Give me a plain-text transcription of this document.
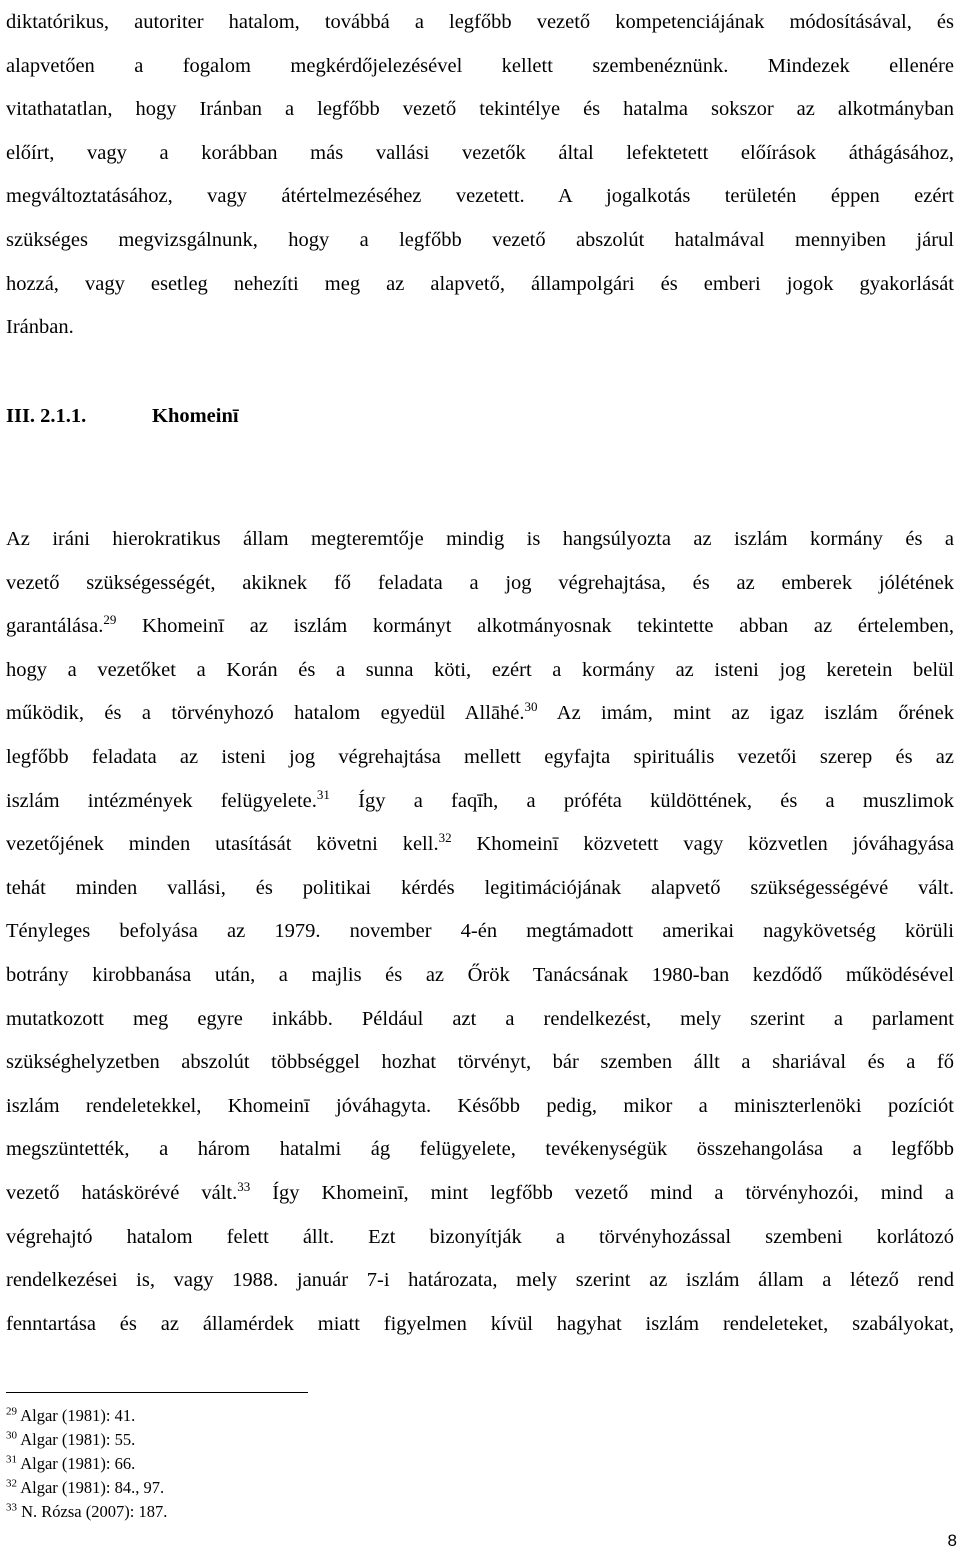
diktatórikus, autoriter hatalom, továbbá a legfőbb vezető kompetenciájának módosításával, és
alapvetően a fogalom megkérdőjelezésével kellett szembenéznünk. Mindezek ellenére
vitathatatlan, hogy Iránban a legfőbb vezető tekintélye és hatalma sokszor az alkotmányban
előírt, vagy a korábban más vallási vezetők által lefektetett előírások áthágásához,
megváltoztatásához, vagy átértelmezéséhez vezetett. A jogalkotás területén éppen ezért
szükséges megvizsgálnunk, hogy a legfőbb vezető abszolút hatalmával mennyiben járul
hozzá, vagy esetleg nehezíti meg az alapvető, állampolgári és emberi jogok gyakorlását
Iránban.

III. 2.1.1.	Khomeinī

Az iráni hierokratikus állam megteremtője mindig is hangsúlyozta az iszlám kormány és a
vezető szükségességét, akiknek fő feladata a jog végrehajtása, és az emberek jólétének
garantálása.$^{29}$ Khomeinī az iszlám kormányt alkotmányosnak tekintette abban az értelemben,
hogy a vezetőket a Korán és a sunna köti, ezért a kormány az isteni jog keretein belül
működik, és a törvényhozó hatalom egyedül Allāhé.$^{30}$ Az imám, mint az igaz iszlám őrének
legfőbb feladata az isteni jog végrehajtása mellett egyfajta spirituális vezetői szerep és az
iszlám intézmények felügyelete.$^{31}$ Így a faqīh, a próféta küldöttének, és a muszlimok
vezetőjének minden utasítását követni kell.$^{32}$ Khomeinī közvetett vagy közvetlen jóváhagyása
tehát minden vallási, és politikai kérdés legitimációjának alapvető szükségességévé vált.
Tényleges befolyása az 1979. november 4-én megtámadott amerikai nagykövetség körüli
botrány kirobbanása után, a majlis és az Őrök Tanácsának 1980-ban kezdődő működésével
mutatkozott meg egyre inkább. Például azt a rendelkezést, mely szerint a parlament
szükséghelyzetben abszolút többséggel hozhat törvényt, bár szemben állt a shariával és a fő
iszlám rendeletekkel, Khomeinī jóváhagyta. Később pedig, mikor a miniszterlenöki pozíciót
megszüntették, a három hatalmi ág felügyelete, tevékenységük összehangolása a legfőbb
vezető hatáskörévé vált.$^{33}$ Így Khomeinī, mint legfőbb vezető mind a törvényhozói, mind a
végrehajtó hatalom felett állt. Ezt bizonyítják a törvényhozással szembeni korlátozó
rendelkezései is, vagy 1988. január 7-i határozata, mely szerint az iszlám állam a létező rend
fenntartása és az államérdek miatt figyelmen kívül hagyhat iszlám rendeleteket, szabályokat,

$^{29}$ Algar (1981): 41.
$^{30}$ Algar (1981): 55.
$^{31}$ Algar (1981): 66.
$^{32}$ Algar (1981): 84., 97.
$^{33}$ N. Rózsa (2007): 187.
8
